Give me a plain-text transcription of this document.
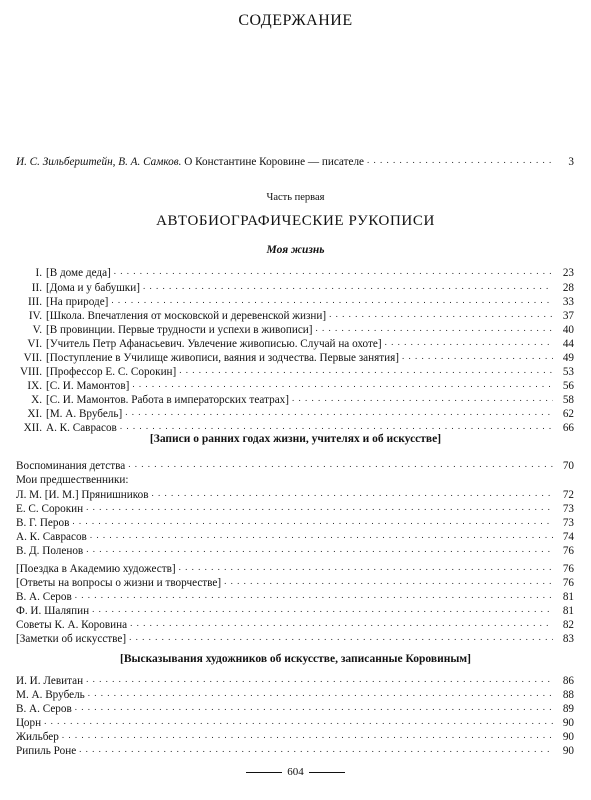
СОДЕРЖАНИЕ
И. С. Зильберштейн, В. А. Самков. О Константине Коровине — писателе . . .	3
Часть первая
АВТОБИОГРАФИЧЕСКИЕ РУКОПИСИ
Моя жизнь
I. [В доме деда] . . .	23
II. [Дома и у бабушки] . . .	28
III. [На природе] . . .	33
IV. [Школа. Впечатления от московской и деревенской жизни] . . .	37
V. [В провинции. Первые трудности и успехи в живописи] . . .	40
VI. [Учитель Петр Афанасьевич. Увлечение живописью. Случай на охоте] . . .	44
VII. [Поступление в Училище живописи, ваяния и зодчества. Первые занятия] . . .	49
VIII. [Профессор Е. С. Сорокин] . . .	53
IX. [С. И. Мамонтов] . . .	56
X. [С. И. Мамонтов. Работа в императорских театрах] . . .	58
XI. [М. А. Врубель] . . .	62
XII. А. К. Саврасов . . .	66
[Записи о ранних годах жизни, учителях и об искусстве]
Воспоминания детства . . .	70
Мои предшественники:
Л. М. [И. М.] Прянишников . . .	72
Е. С. Сорокин . . .	73
В. Г. Перов . . .	73
А. К. Саврасов . . .	74
В. Д. Поленов . . .	76
[Поездка в Академию художеств] . . .	76
[Ответы на вопросы о жизни и творчестве] . . .	76
В. А. Серов . . .	81
Ф. И. Шаляпин . . .	81
Советы К. А. Коровина . . .	82
[Заметки об искусстве] . . .	83
[Высказывания художников об искусстве, записанные Коровиным]
И. И. Левитан . . .	86
М. А. Врубель . . .	88
В. А. Серов . . .	89
Цорн . . .	90
Жильбер . . .	90
Рипиль Роне . . .	90
604
